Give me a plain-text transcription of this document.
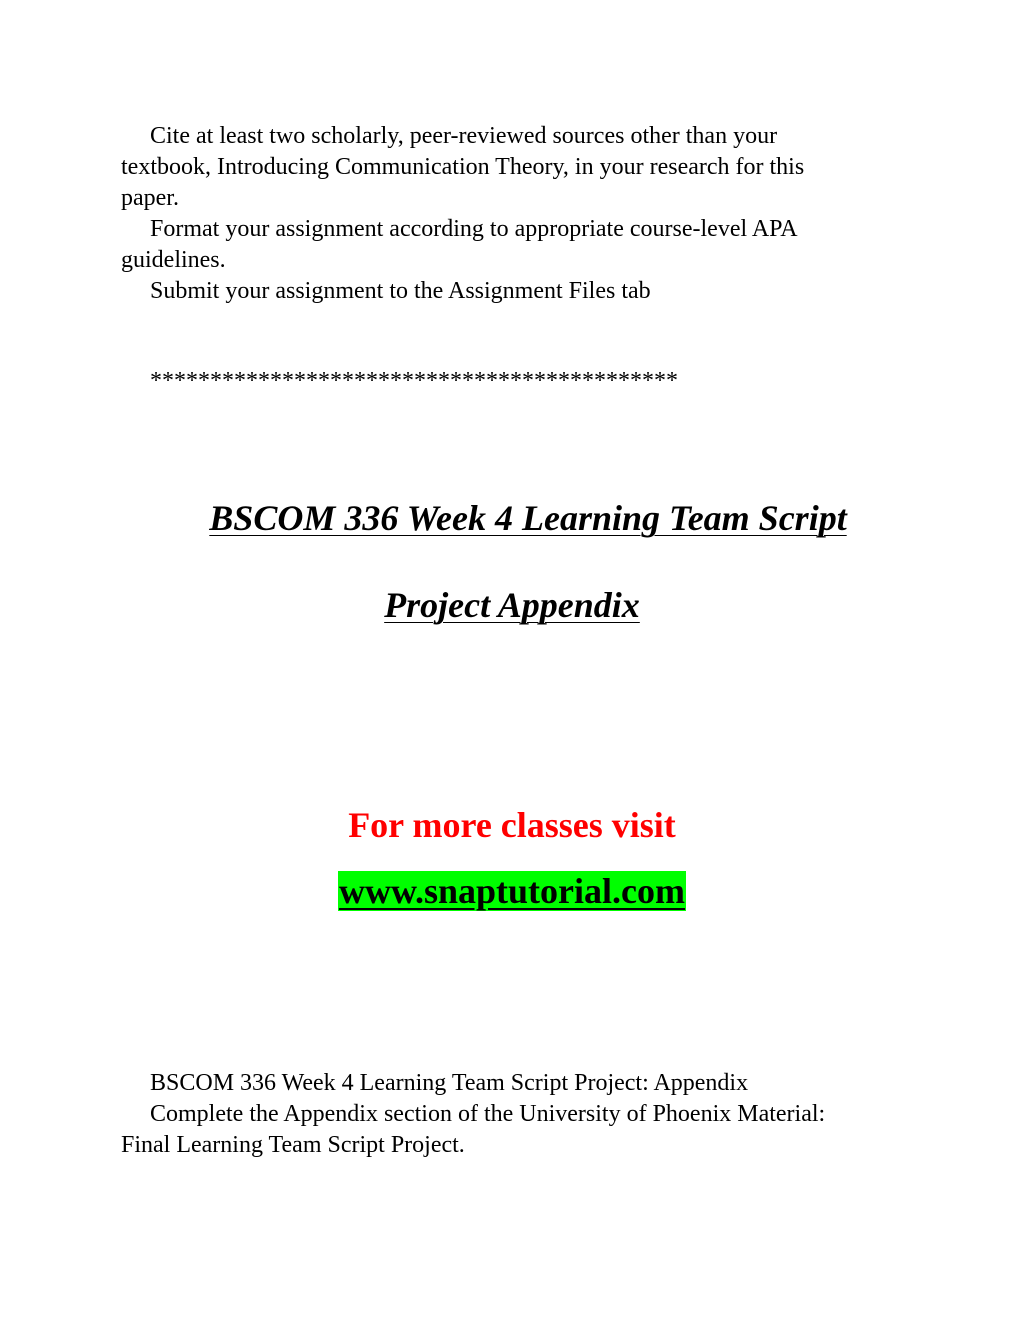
Cite at least two scholarly, peer-reviewed sources other than your
textbook, Introducing Communication Theory, in your research for this
paper.
Format your assignment according to appropriate course-level APA
guidelines.
Submit your assignment to the Assignment Files tab
********************************************
BSCOM 336 Week 4 Learning Team Script
Project Appendix
For more classes visit
www.snaptutorial.com
BSCOM 336 Week 4 Learning Team Script Project: Appendix
Complete the Appendix section of the University of Phoenix Material:
Final Learning Team Script Project.
